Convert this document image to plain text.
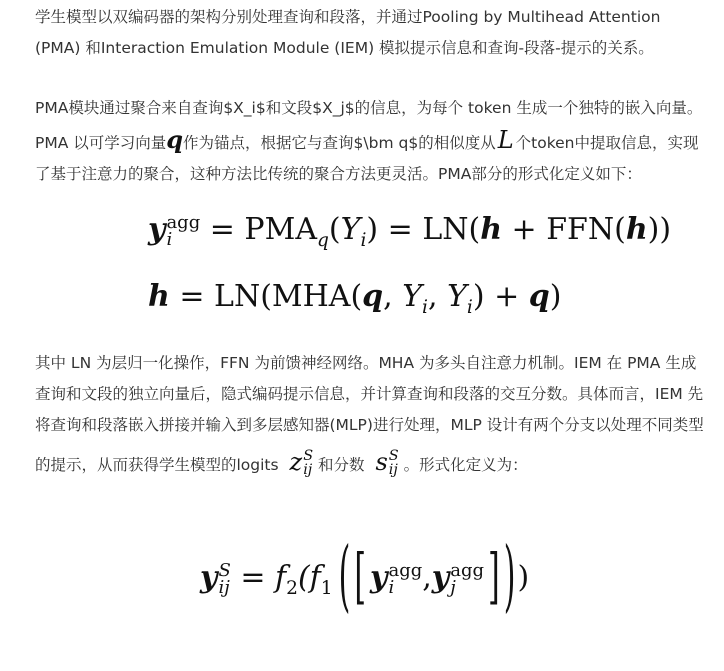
学生模型以双编码器的架构分别处理查询和段落，并通过Pooling by Multihead Attention
(PMA) 和Interaction Emulation Module (IEM) 模拟提示信息和查询-段落-提示的关系。
PMA模块通过聚合来自查询$X_i$和文段$X_j$的信息，为每个 token 生成一个独特的嵌入向量。
PMA 以可学习向量q作为锚点，根据它与查询$\bm q$的相似度从L 个token中提取信息，实现
了基于注意力的聚合，这种方法比传统的聚合方法更灵活。PMA部分的形式化定义如下：
y agg
$i = PMA_q(Y_i) = LN(h + FFN(h))$
h = LN(MHA(q, $Y_i$, $Y_i) + q$)
其中 LN 为层归一化操作，FFN 为前馈神经网络。MHA 为多头自注意力机制。IEM 在 PMA 生成
查询和文段的独立向量后，隐式编码提示信息，并计算查询和段落的交互分数。具体而言，IEM 先
将查询和段落嵌入拼接并输入到多层感知器(MLP)进行处理，MLP 设计有两个分支以处理不同类型
的提示，从而获得学生模型的logits z S
ij 和分数 s S
ij 。形式化定义为：
y S
ij = $f_2(f_1$ ( [ y agg
i ,y agg
j	] ))
